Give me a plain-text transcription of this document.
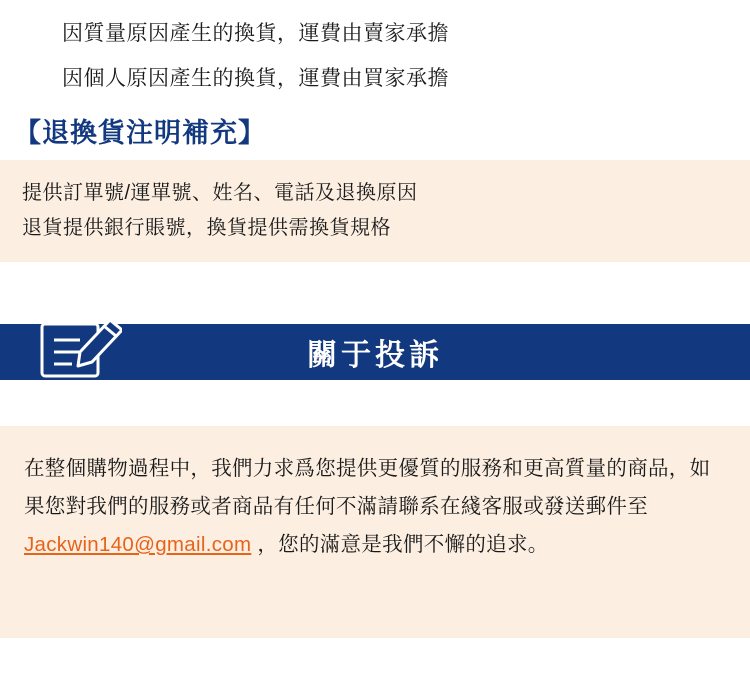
因質量原因產生的換貨，運費由賣家承擔
因個人原因產生的換貨，運費由買家承擔
【退換貨注明補充】
提供訂單號/運單號、姓名、電話及退換原因
退貨提供銀行賬號，換貨提供需換貨規格
關于投訴
在整個購物過程中，我們力求爲您提供更優質的服務和更高質量的商品，如果您對我們的服務或者商品有任何不滿請聯系在綫客服或發送郵件至 Jackwin140@gmail.com ，您的滿意是我們不懈的追求。
